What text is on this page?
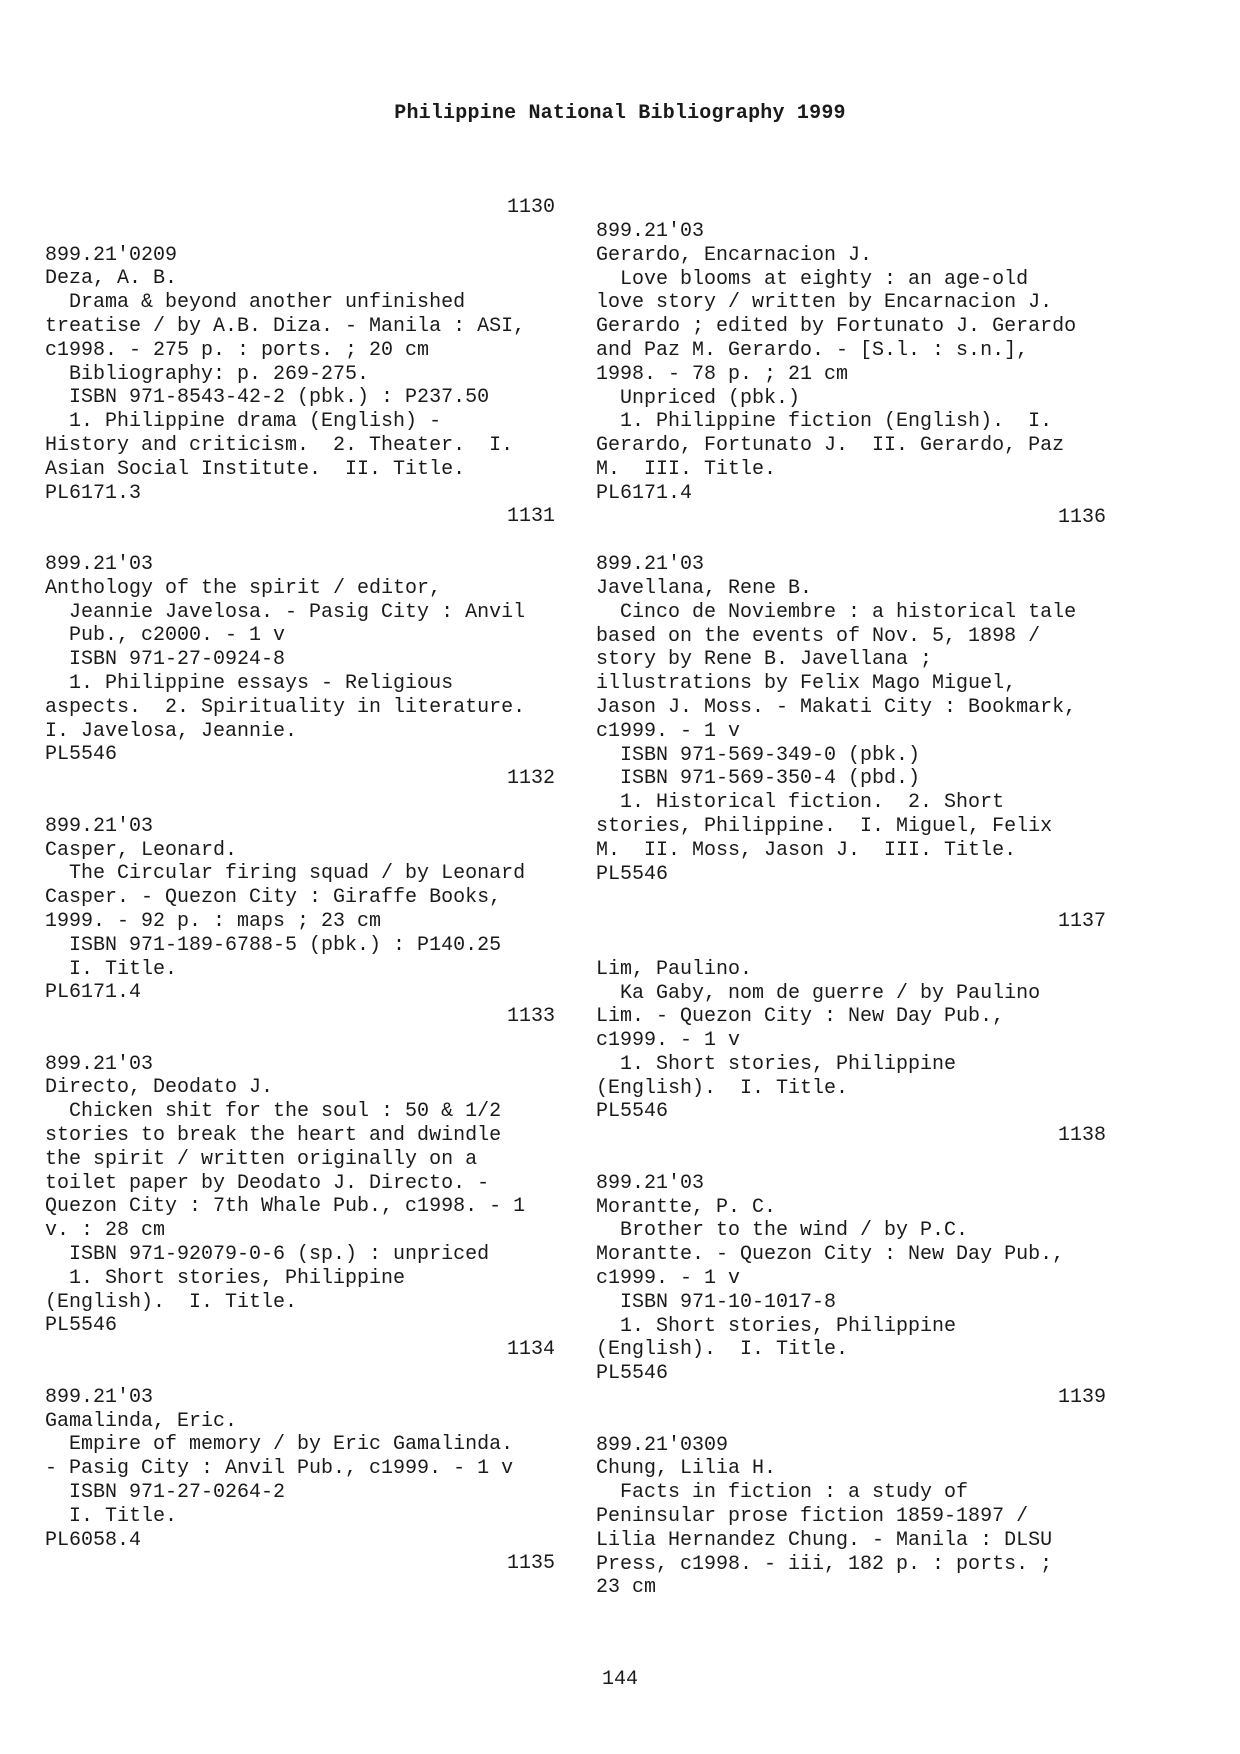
Philippine National Bibliography 1999
1130
899.21'0209
Deza, A. B.
Drama & beyond another unfinished
treatise / by A.B. Diza. - Manila : ASI,
c1998. - 275 p. : ports. ; 20 cm
Bibliography: p. 269-275.
ISBN 971-8543-42-2 (pbk.) : P237.50
1. Philippine drama (English) -
History and criticism.  2. Theater.  I.
Asian Social Institute.  II. Title.
PL6171.3
1131
899.21'03
Anthology of the spirit / editor,
Jeannie Javelosa. - Pasig City : Anvil
Pub., c2000. - 1 v
ISBN 971-27-0924-8
1. Philippine essays - Religious
aspects.  2. Spirituality in literature.
I. Javelosa, Jeannie.
PL5546
1132
899.21'03
Casper, Leonard.
The Circular firing squad / by Leonard
Casper. - Quezon City : Giraffe Books,
1999. - 92 p. : maps ; 23 cm
ISBN 971-189-6788-5 (pbk.) : P140.25
I. Title.
PL6171.4
1133
899.21'03
Directo, Deodato J.
Chicken shit for the soul : 50 & 1/2
stories to break the heart and dwindle
the spirit / written originally on a
toilet paper by Deodato J. Directo. -
Quezon City : 7th Whale Pub., c1998. - 1
v. : 28 cm
ISBN 971-92079-0-6 (sp.) : unpriced
1. Short stories, Philippine
(English).  I. Title.
PL5546
1134
899.21'03
Gamalinda, Eric.
Empire of memory / by Eric Gamalinda.
- Pasig City : Anvil Pub., c1999. - 1 v
ISBN 971-27-0264-2
I. Title.
PL6058.4
1135
899.21'03
Gerardo, Encarnacion J.
Love blooms at eighty : an age-old
love story / written by Encarnacion J.
Gerardo ; edited by Fortunato J. Gerardo
and Paz M. Gerardo. - [S.l. : s.n.],
1998. - 78 p. ; 21 cm
Unpriced (pbk.)
1. Philippine fiction (English).  I.
Gerardo, Fortunato J.  II. Gerardo, Paz
M.  III. Title.
PL6171.4
1136
899.21'03
Javellana, Rene B.
Cinco de Noviembre : a historical tale
based on the events of Nov. 5, 1898 /
story by Rene B. Javellana ;
illustrations by Felix Mago Miguel,
Jason J. Moss. - Makati City : Bookmark,
c1999. - 1 v
ISBN 971-569-349-0 (pbk.)
ISBN 971-569-350-4 (pbd.)
1. Historical fiction.  2. Short
stories, Philippine.  I. Miguel, Felix
M.  II. Moss, Jason J.  III. Title.
PL5546
1137
Lim, Paulino.
Ka Gaby, nom de guerre / by Paulino
Lim. - Quezon City : New Day Pub.,
c1999. - 1 v
1. Short stories, Philippine
(English).  I. Title.
PL5546
1138
899.21'03
Morantte, P. C.
Brother to the wind / by P.C.
Morantte. - Quezon City : New Day Pub.,
c1999. - 1 v
ISBN 971-10-1017-8
1. Short stories, Philippine
(English).  I. Title.
PL5546
1139
899.21'0309
Chung, Lilia H.
Facts in fiction : a study of
Peninsular prose fiction 1859-1897 /
Lilia Hernandez Chung. - Manila : DLSU
Press, c1998. - iii, 182 p. : ports. ;
23 cm
144
